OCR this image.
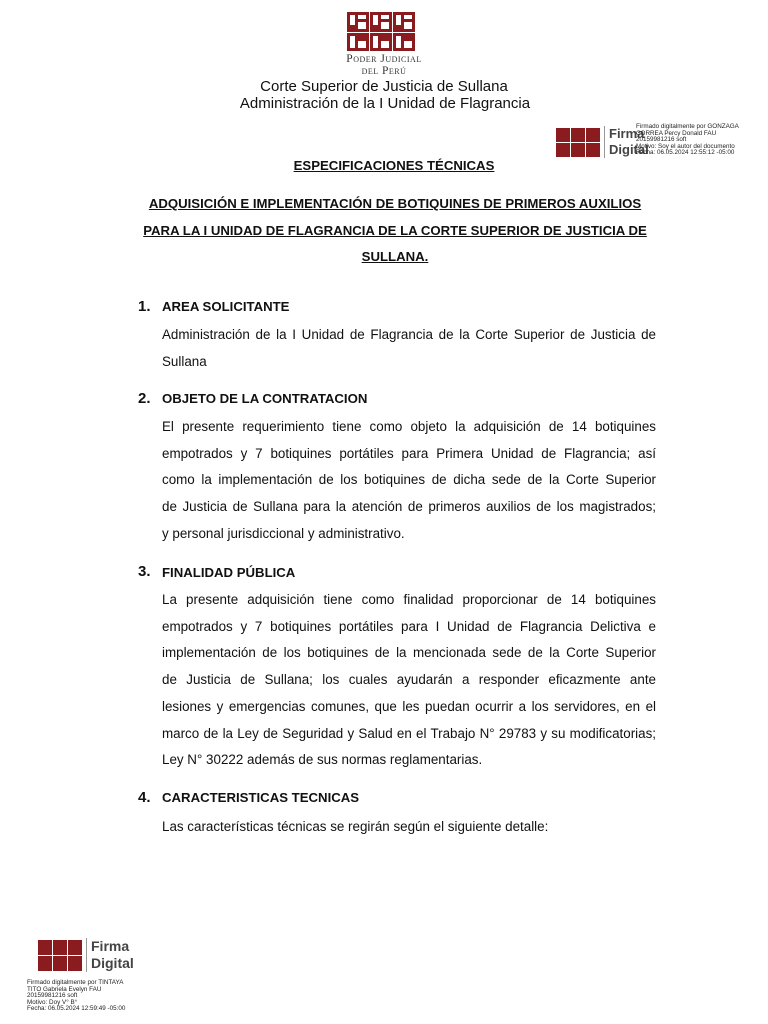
Poder Judicial
del Perú
Corte Superior de Justicia de Sullana
Administración de la I Unidad de Flagrancia
Firma
Digital
Firmado digitalmente por GONZAGA
CORREA Percy Donald FAU
20159981216 soft
Motivo: Soy el autor del documento
Fecha: 06.05.2024 12:55:12 -05:00
ESPECIFICACIONES TÉCNICAS
ADQUISICIÓN E IMPLEMENTACIÓN DE BOTIQUINES DE PRIMEROS AUXILIOS
PARA LA I UNIDAD DE FLAGRANCIA DE LA CORTE SUPERIOR DE JUSTICIA DE
SULLANA.
1. AREA SOLICITANTE
Administración de la I Unidad de Flagrancia de la Corte Superior de Justicia de
Sullana
2. OBJETO DE LA CONTRATACION
El presente requerimiento tiene como objeto la adquisición de 14 botiquines
empotrados y 7 botiquines portátiles para Primera Unidad de Flagrancia; así
como la implementación de los botiquines de dicha sede de la Corte Superior
de Justicia de Sullana para la atención de primeros auxilios de los magistrados;
y personal jurisdiccional y administrativo.
3. FINALIDAD PÚBLICA
La presente adquisición tiene como finalidad proporcionar de 14 botiquines
empotrados y 7 botiquines portátiles para I Unidad de Flagrancia Delictiva e
implementación de los botiquines de la mencionada sede de la Corte Superior
de Justicia de Sullana; los cuales ayudarán a responder eficazmente ante
lesiones y emergencias comunes, que les puedan ocurrir a los servidores, en el
marco de la Ley de Seguridad y Salud en el Trabajo N° 29783 y su modificatorias;
Ley N° 30222 además de sus normas reglamentarias.
4. CARACTERISTICAS TECNICAS
Las características técnicas se regirán según el siguiente detalle:
Firma
Digital
Firmado digitalmente por TINTAYA
TITO Gabriela Evelyn FAU
20159981216 soft
Motivo: Doy V° B°
Fecha: 06.05.2024 12:59:49 -05:00
